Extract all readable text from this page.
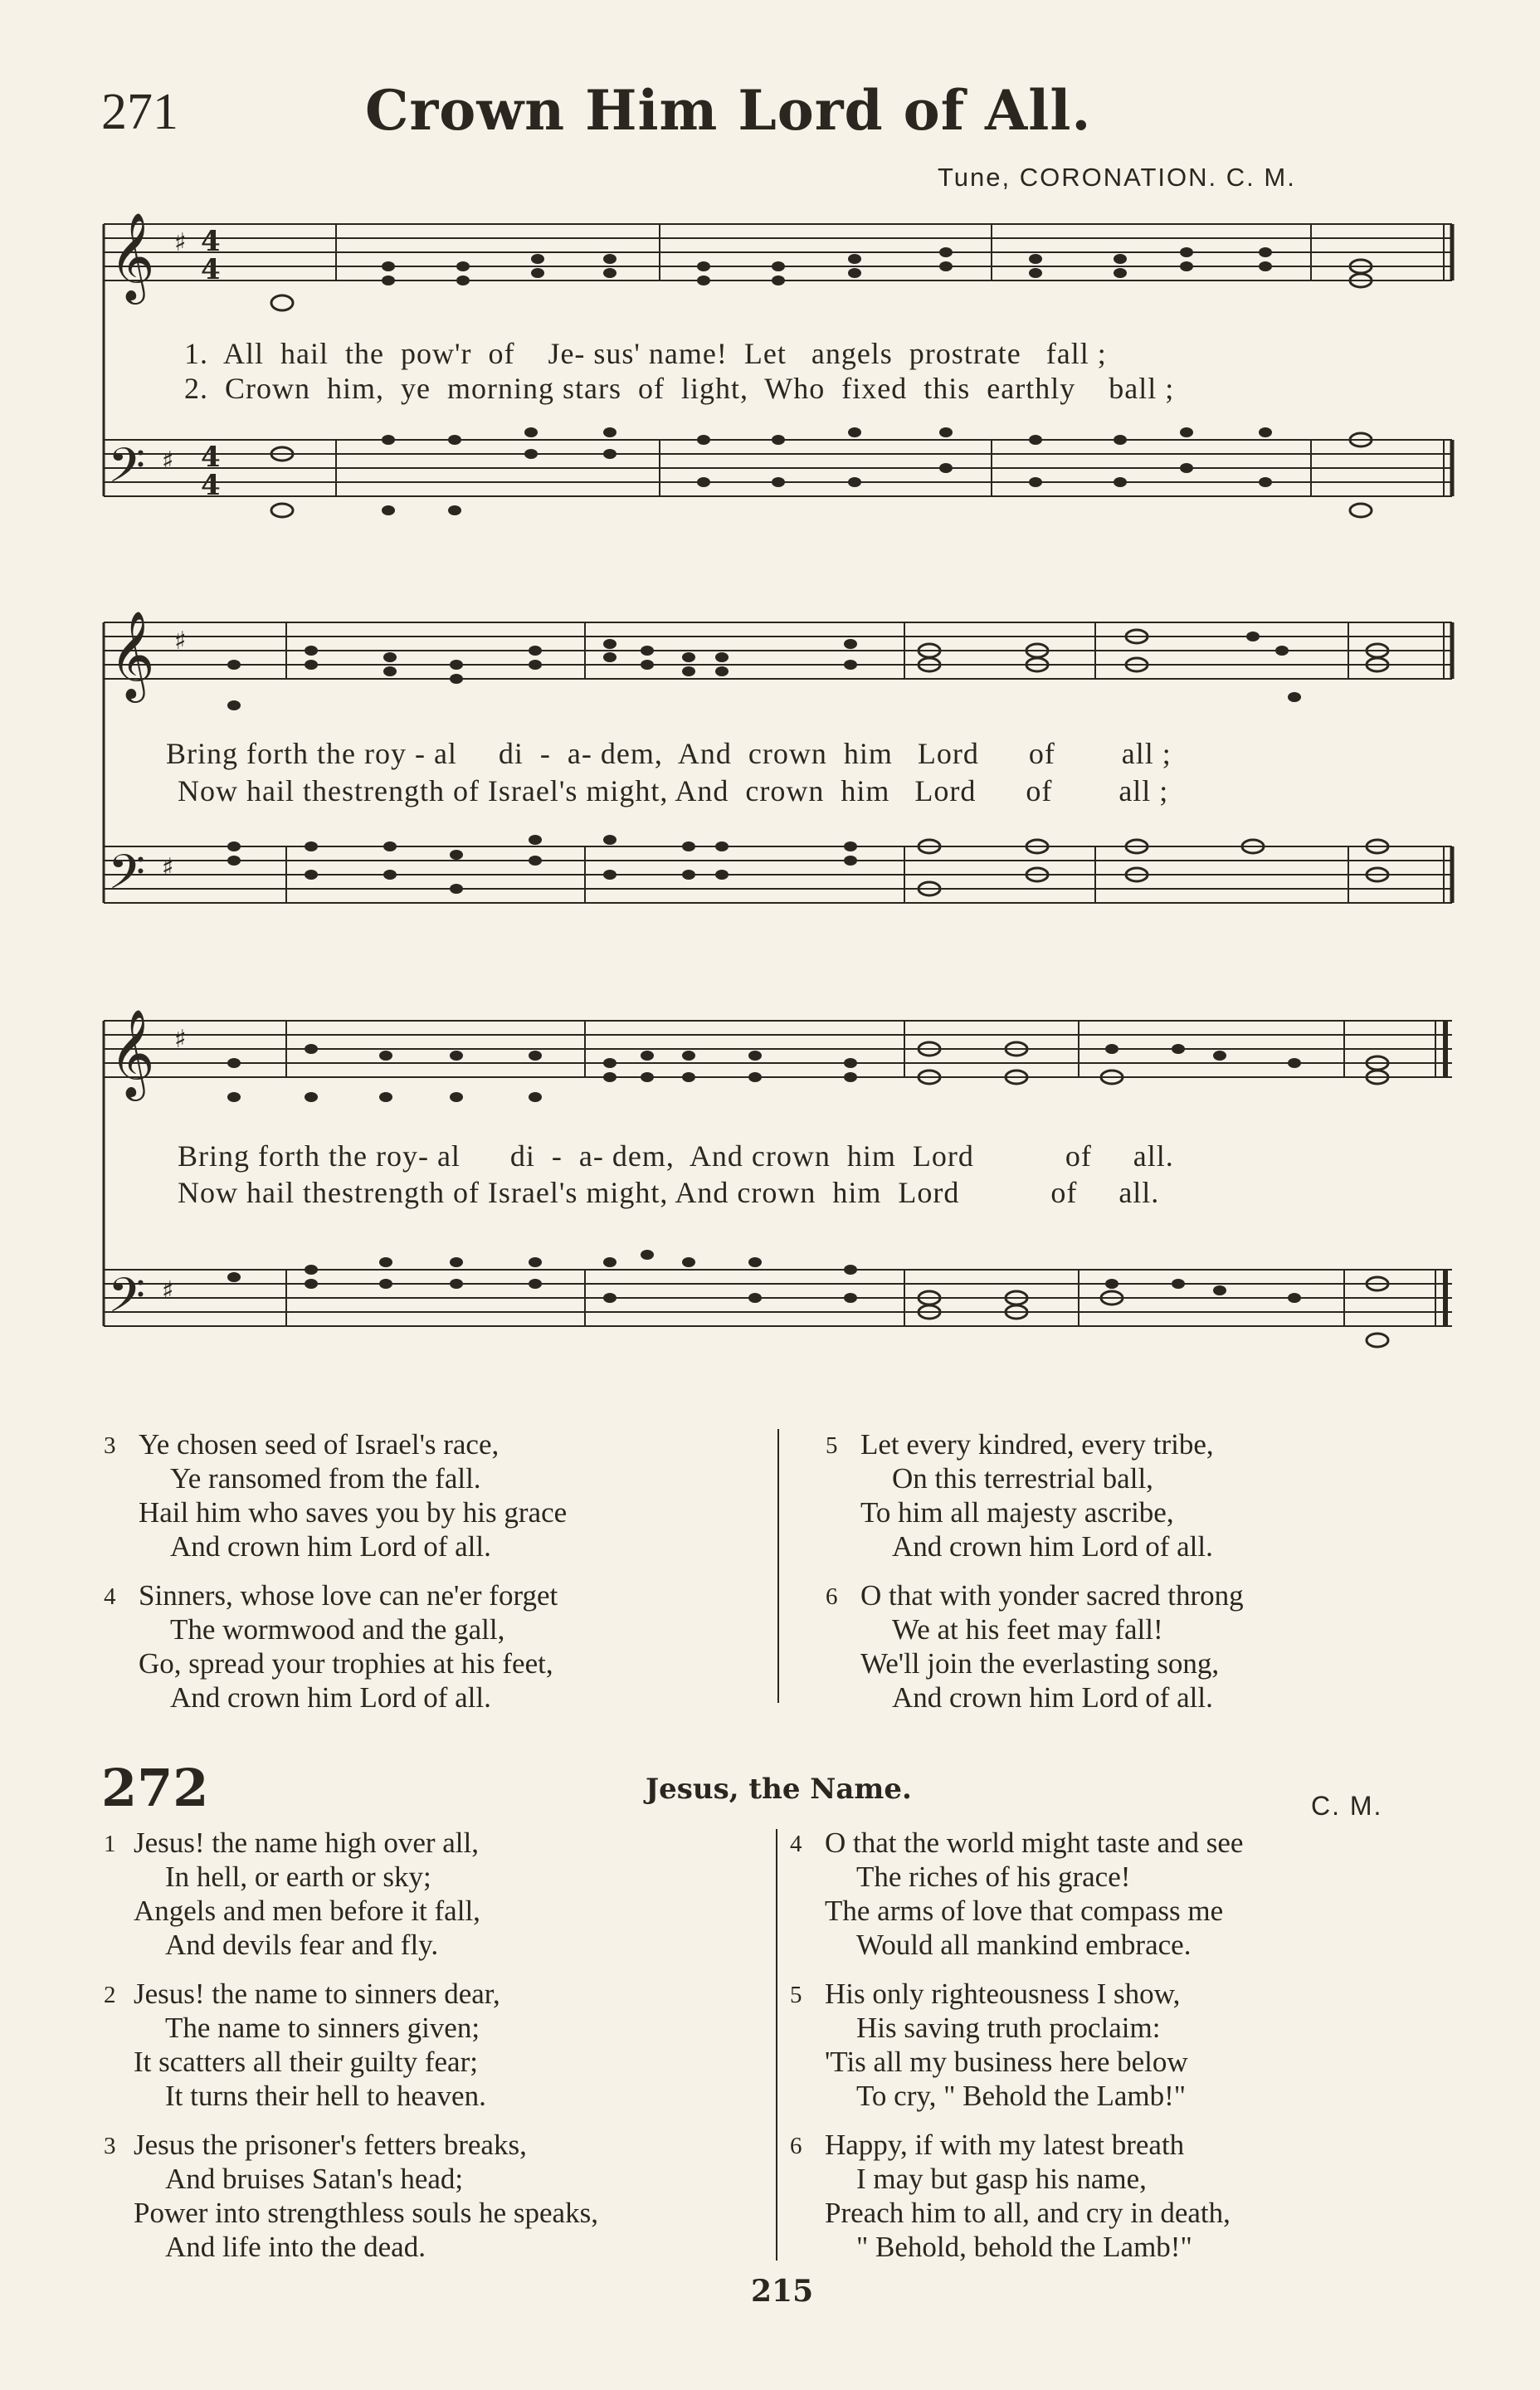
271	Crown Him Lord of All.
Tune, CORONATION. C. M.
𝄞
𝄢
♯
♯
4
4
4
4
1.  All  hail  the  pow'r  of    Je- sus' name!  Let   angels  prostrate   fall ;
2.  Crown  him,  ye  morning stars  of  light,  Who  fixed  this  earthly    ball ;
𝄞
𝄢
♯
♯
Bring forth the roy - al     di  -  a- dem,  And  crown  him   Lord      of        all ;
Now hail thestrength of Israel's might, And  crown  him   Lord      of        all ;
𝄞
𝄢
♯
♯
Bring forth the roy- al      di  -  a- dem,  And crown  him  Lord           of     all.
Now hail thestrength of Israel's might, And crown  him  Lord           of     all.
3 Ye chosen seed of Israel's race,
Ye ransomed from the fall.
Hail him who saves you by his grace
And crown him Lord of all.
4 Sinners, whose love can ne'er forget
The wormwood and the gall,
Go, spread your trophies at his feet,
And crown him Lord of all.
5 Let every kindred, every tribe,
On this terrestrial ball,
To him all majesty ascribe,
And crown him Lord of all.
6 O that with yonder sacred throng
We at his feet may fall!
We'll join the everlasting song,
And crown him Lord of all.
272	Jesus, the Name.	C. M.
1 Jesus! the name high over all,
In hell, or earth or sky;
Angels and men before it fall,
And devils fear and fly.
2 Jesus! the name to sinners dear,
The name to sinners given;
It scatters all their guilty fear;
It turns their hell to heaven.
3 Jesus the prisoner's fetters breaks,
And bruises Satan's head;
Power into strengthless souls he speaks,
And life into the dead.
4 O that the world might taste and see
The riches of his grace!
The arms of love that compass me
Would all mankind embrace.
5 His only righteousness I show,
His saving truth proclaim:
'Tis all my business here below
To cry, " Behold the Lamb!"
6 Happy, if with my latest breath
I may but gasp his name,
Preach him to all, and cry in death,
" Behold, behold the Lamb!"
215
